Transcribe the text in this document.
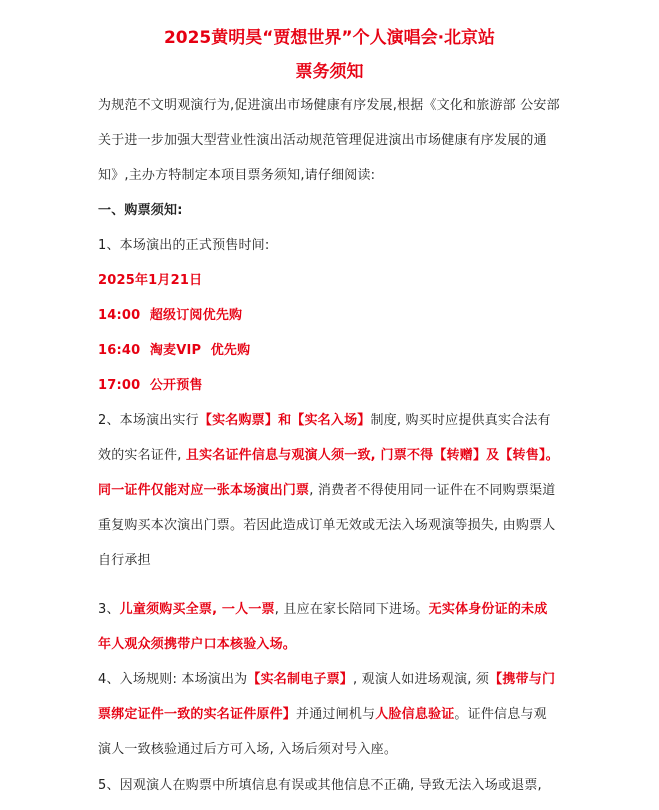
2025黄明昊“贾想世界”个人演唱会·北京站
票务须知

为规范不文明观演行为,促进演出市场健康有序发展,根据《文化和旅游部 公安部关于进一步加强大型营业性演出活动规范管理促进演出市场健康有序发展的通知》,主办方特制定本项目票务须知,请仔细阅读:

一、购票须知:

1、本场演出的正式预售时间:

2025年1月21日

14:00  超级订阅优先购

16:40  淘麦VIP  优先购

17:00  公开预售

2、本场演出实行【实名购票】和【实名入场】制度, 购买时应提供真实合法有效的实名证件, 且实名证件信息与观演人须一致, 门票不得【转赠】及【转售】。同一证件仅能对应一张本场演出门票, 消费者不得使用同一证件在不同购票渠道重复购买本次演出门票。若因此造成订单无效或无法入场观演等损失, 由购票人自行承担

3、儿童须购买全票, 一人一票, 且应在家长陪同下进场。无实体身份证的未成年人观众须携带户口本核验入场。

4、入场规则: 本场演出为【实名制电子票】, 观演人如进场观演, 须【携带与门票绑定证件一致的实名证件原件】并通过闸机与人脸信息验证。证件信息与观演人一致核验通过后方可入场, 入场后须对号入座。

5、因观演人在购票中所填信息有误或其他信息不正确, 导致无法入场或退票,
